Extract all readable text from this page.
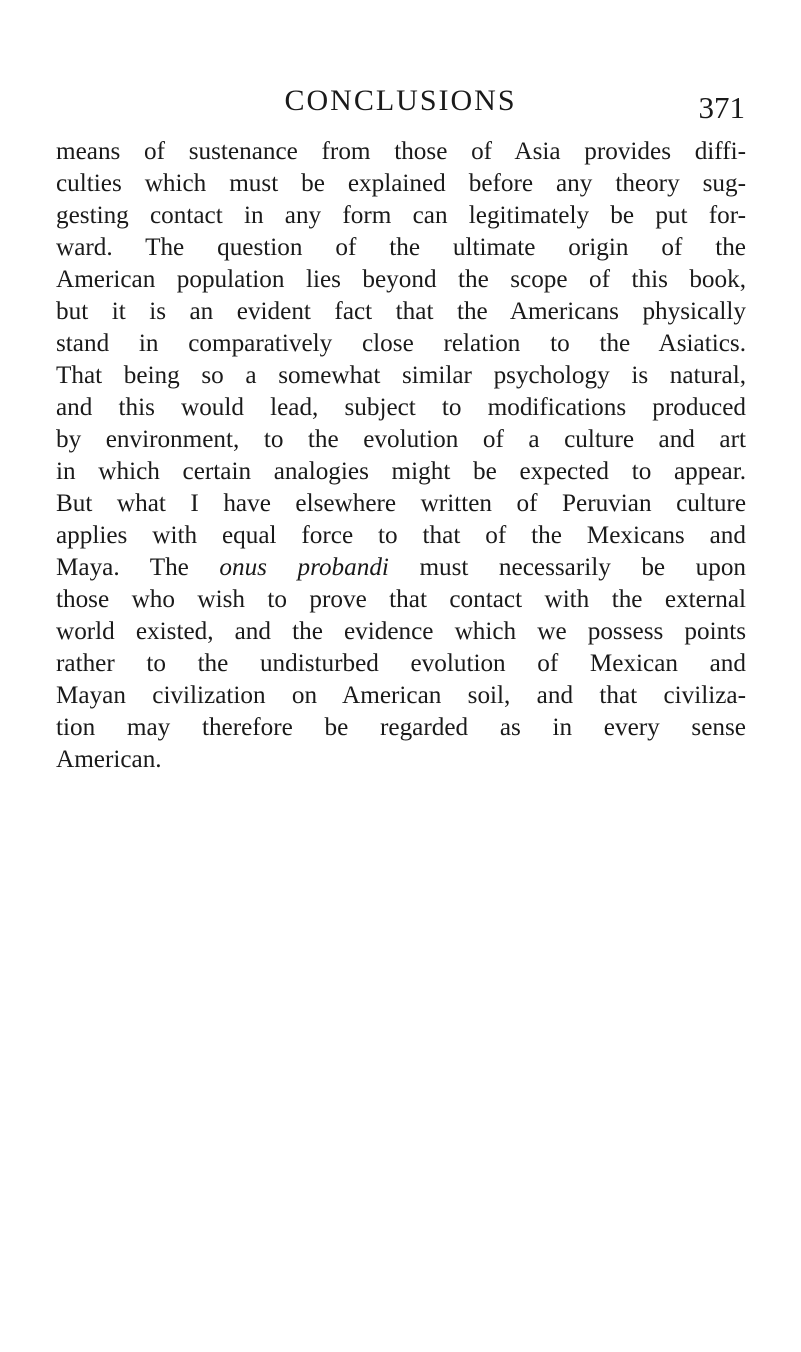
CONCLUSIONS	371
means of sustenance from those of Asia provides diffi-
culties which must be explained before any theory sug-
gesting contact in any form can legitimately be put for-
ward. The question of the ultimate origin of the
American population lies beyond the scope of this book,
but it is an evident fact that the Americans physically
stand in comparatively close relation to the Asiatics.
That being so a somewhat similar psychology is natural,
and this would lead, subject to modifications produced
by environment, to the evolution of a culture and art
in which certain analogies might be expected to appear.
But what I have elsewhere written of Peruvian culture
applies with equal force to that of the Mexicans and
Maya. The onus probandi must necessarily be upon
those who wish to prove that contact with the external
world existed, and the evidence which we possess points
rather to the undisturbed evolution of Mexican and
Mayan civilization on American soil, and that civiliza-
tion may therefore be regarded as in every sense
American.
